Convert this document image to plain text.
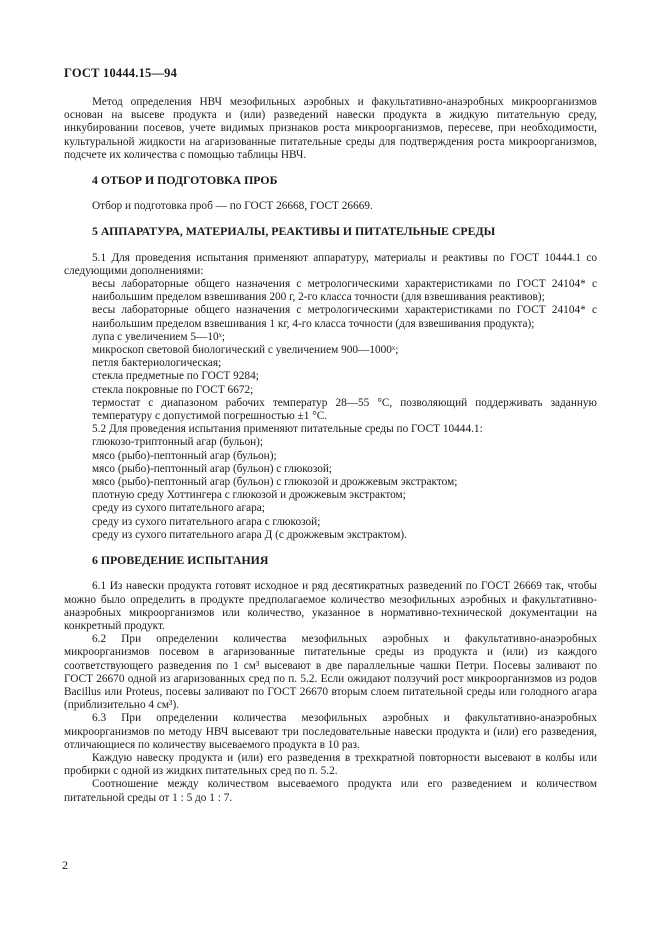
ГОСТ 10444.15—94

Метод определения НВЧ мезофильных аэробных и факультативно-анаэробных микроорганизмов основан на высеве продукта и (или) разведений навески продукта в жидкую питательную среду, инкубировании посевов, учете видимых признаков роста микроорганизмов, пересеве, при необходимости, культуральной жидкости на агаризованные питательные среды для подтверждения роста микроорганизмов, подсчете их количества с помощью таблицы НВЧ.

4 ОТБОР И ПОДГОТОВКА ПРОБ

Отбор и подготовка проб — по ГОСТ 26668, ГОСТ 26669.

5 АППАРАТУРА, МАТЕРИАЛЫ, РЕАКТИВЫ И ПИТАТЕЛЬНЫЕ СРЕДЫ

5.1 Для проведения испытания применяют аппаратуру, материалы и реактивы по ГОСТ 10444.1 со следующими дополнениями:

весы лабораторные общего назначения с метрологическими характеристиками по ГОСТ 24104* с наибольшим пределом взвешивания 200 г, 2-го класса точности (для взвешивания реактивов);

весы лабораторные общего назначения с метрологическими характеристиками по ГОСТ 24104* с наибольшим пределом взвешивания 1 кг, 4-го класса точности (для взвешивания продукта);

лупа с увеличением 5—10ˣ;

микроскоп световой биологический с увеличением 900—1000ˣ;

петля бактериологическая;

стекла предметные по ГОСТ 9284;

стекла покровные по ГОСТ 6672;

термостат с диапазоном рабочих температур 28—55 °С, позволяющий поддерживать заданную температуру с допустимой погрешностью ±1 °С.

5.2 Для проведения испытания применяют питательные среды по ГОСТ 10444.1:

глюкозо-триптонный агар (бульон);

мясо (рыбо)-пептонный агар (бульон);

мясо (рыбо)-пептонный агар (бульон) с глюкозой;

мясо (рыбо)-пептонный агар (бульон) с глюкозой и дрожжевым экстрактом;

плотную среду Хоттингера с глюкозой и дрожжевым экстрактом;

среду из сухого питательного агара;

среду из сухого питательного агара с глюкозой;

среду из сухого питательного агара Д (с дрожжевым экстрактом).

6 ПРОВЕДЕНИЕ ИСПЫТАНИЯ

6.1 Из навески продукта готовят исходное и ряд десятикратных разведений по ГОСТ 26669 так, чтобы можно было определить в продукте предполагаемое количество мезофильных аэробных и факультативно-анаэробных микроорганизмов или количество, указанное в нормативно-технической документации на конкретный продукт.

6.2 При определении количества мезофильных аэробных и факультативно-анаэробных микроорганизмов посевом в агаризованные питательные среды из продукта и (или) из каждого соответствующего разведения по 1 см³ высевают в две параллельные чашки Петри. Посевы заливают по ГОСТ 26670 одной из агаризованных сред по п. 5.2. Если ожидают ползучий рост микроорганизмов из родов Bacillus или Proteus, посевы заливают по ГОСТ 26670 вторым слоем питательной среды или голодного агара (приблизительно 4 см³).

6.3 При определении количества мезофильных аэробных и факультативно-анаэробных микроорганизмов по методу НВЧ высевают три последовательные навески продукта и (или) его разведения, отличающиеся по количеству высеваемого продукта в 10 раз.

Каждую навеску продукта и (или) его разведения в трехкратной повторности высевают в колбы или пробирки с одной из жидких питательных сред по п. 5.2.

Соотношение между количеством высеваемого продукта или его разведением и количеством питательной среды от 1 : 5 до 1 : 7.

2
